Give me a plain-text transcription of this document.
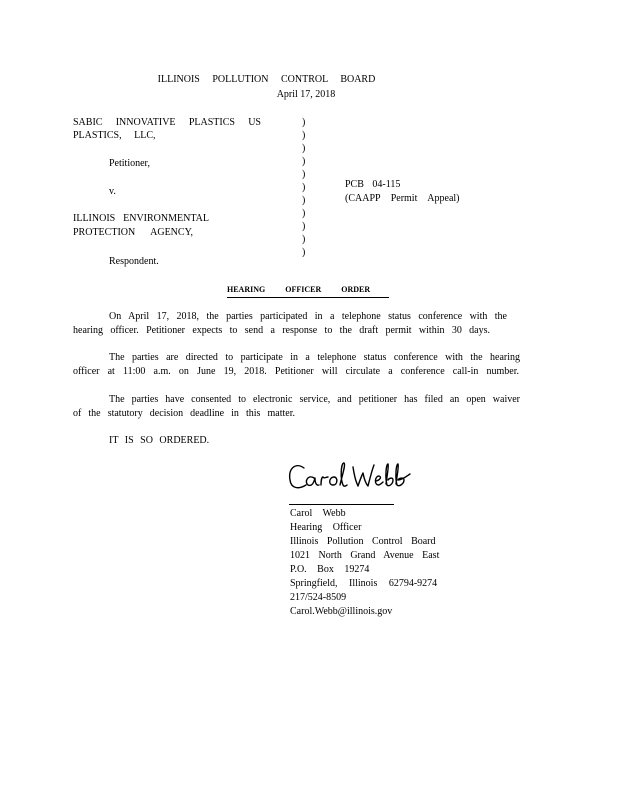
ILLINOIS POLLUTION CONTROL BOARD
April 17, 2018
SABIC INNOVATIVE PLASTICS US
PLASTICS, LLC,
Petitioner,
v.
ILLINOIS ENVIRONMENTAL
PROTECTION AGENCY,
Respondent.
)
)
)
)
)
)
)
)
)
)
)
PCB 04-115
(CAAPP Permit Appeal)
HEARING OFFICER ORDER
On April 17, 2018, the parties participated in a telephone status conference with the
hearing officer. Petitioner expects to send a response to the draft permit within 30 days.
The parties are directed to participate in a telephone status conference with the hearing
officer at 11:00 a.m. on June 19, 2018. Petitioner will circulate a conference call-in number.
The parties have consented to electronic service, and petitioner has filed an open waiver
of the statutory decision deadline in this matter.
IT IS SO ORDERED.
Carol Webb
Hearing Officer
Illinois Pollution Control Board
1021 North Grand Avenue East
P.O. Box 19274
Springfield, Illinois 62794-9274
217/524-8509
Carol.Webb@illinois.gov
